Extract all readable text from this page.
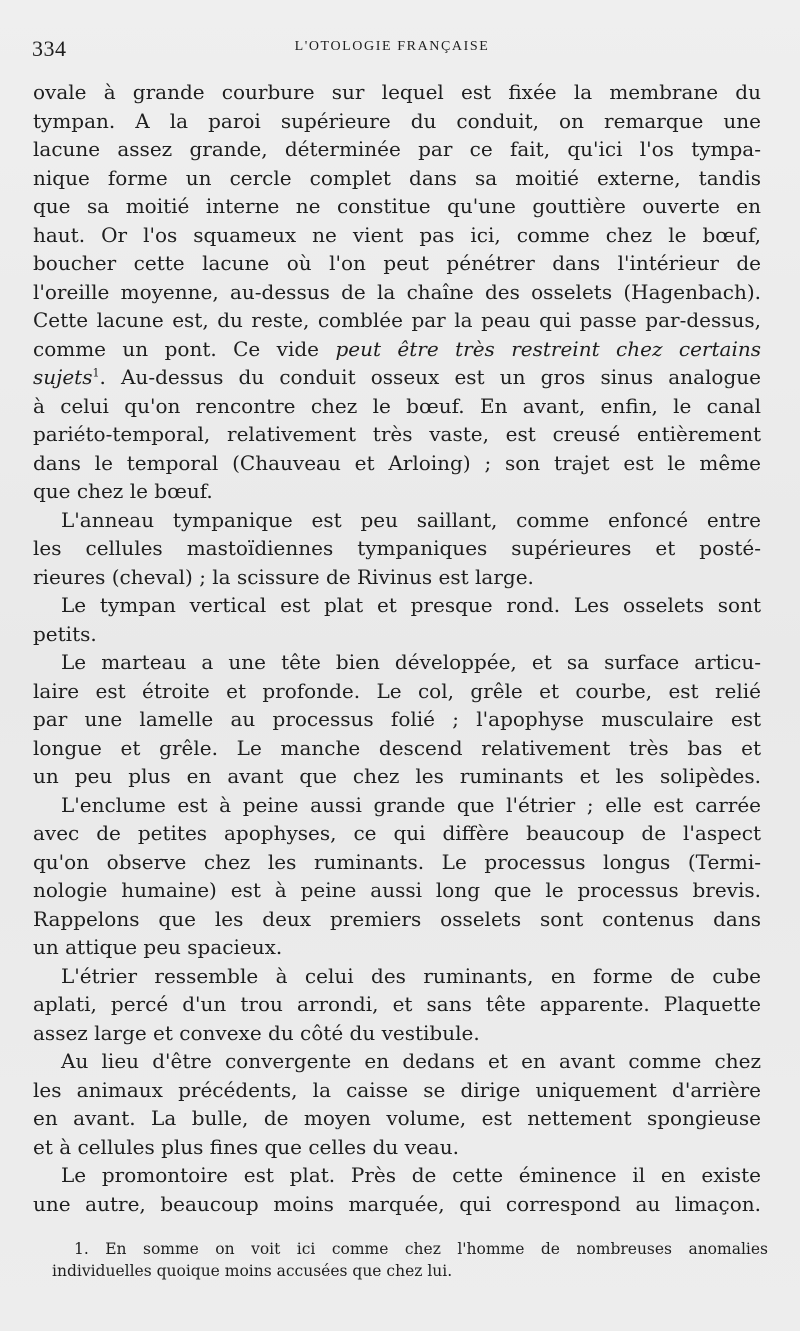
334	L'OTOLOGIE FRANÇAISE
ovale à grande courbure sur lequel est fixée la membrane du
tympan. A la paroi supérieure du conduit, on remarque une
lacune assez grande, déterminée par ce fait, qu'ici l'os tympa-
nique forme un cercle complet dans sa moitié externe, tandis
que sa moitié interne ne constitue qu'une gouttière ouverte en
haut. Or l'os squameux ne vient pas ici, comme chez le bœuf,
boucher cette lacune où l'on peut pénétrer dans l'intérieur de
l'oreille moyenne, au-dessus de la chaîne des osselets (Hagenbach).
Cette lacune est, du reste, comblée par la peau qui passe par-dessus,
comme un pont. Ce vide peut être très restreint chez certains
sujets$^1$. Au-dessus du conduit osseux est un gros sinus analogue
à celui qu'on rencontre chez le bœuf. En avant, enfin, le canal
pariéto-temporal, relativement très vaste, est creusé entièrement
dans le temporal (Chauveau et Arloing) ; son trajet est le même
que chez le bœuf.
L'anneau tympanique est peu saillant, comme enfoncé entre
les cellules mastoïdiennes tympaniques supérieures et posté-
rieures (cheval) ; la scissure de Rivinus est large.
Le tympan vertical est plat et presque rond. Les osselets sont
petits.
Le marteau a une tête bien développée, et sa surface articu-
laire est étroite et profonde. Le col, grêle et courbe, est relié
par une lamelle au processus folié ; l'apophyse musculaire est
longue et grêle. Le manche descend relativement très bas et
un peu plus en avant que chez les ruminants et les solipèdes.
L'enclume est à peine aussi grande que l'étrier ; elle est carrée
avec de petites apophyses, ce qui diffère beaucoup de l'aspect
qu'on observe chez les ruminants. Le processus longus (Termi-
nologie humaine) est à peine aussi long que le processus brevis.
Rappelons que les deux premiers osselets sont contenus dans
un attique peu spacieux.
L'étrier ressemble à celui des ruminants, en forme de cube
aplati, percé d'un trou arrondi, et sans tête apparente. Plaquette
assez large et convexe du côté du vestibule.
Au lieu d'être convergente en dedans et en avant comme chez
les animaux précédents, la caisse se dirige uniquement d'arrière
en avant. La bulle, de moyen volume, est nettement spongieuse
et à cellules plus fines que celles du veau.
Le promontoire est plat. Près de cette éminence il en existe
une autre, beaucoup moins marquée, qui correspond au limaçon.
1. En somme on voit ici comme chez l'homme de nombreuses anomalies
individuelles quoique moins accusées que chez lui.
